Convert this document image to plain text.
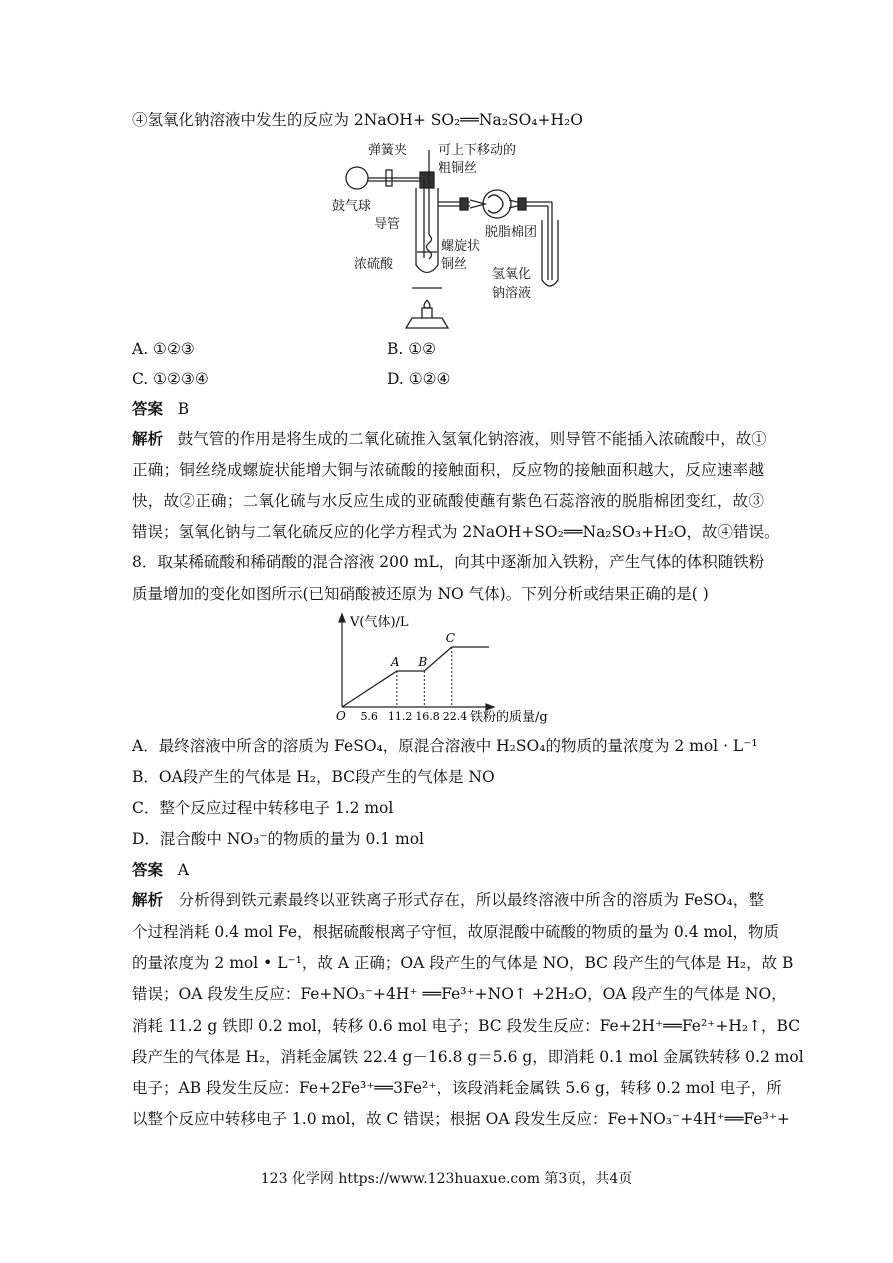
④氢氧化钠溶液中发生的反应为 2NaOH+ SO₂══Na₂SO₄+H₂O
弹簧夹 可上下移动的
粗铜丝
鼓气球
导管
脱脂棉团
螺旋状
铜丝
浓硫酸
氢氧化
钠溶液
A. ①②③	B. ①②
C. ①②③④	D. ①②④
答案 B
解析 鼓气管的作用是将生成的二氧化硫推入氢氧化钠溶液，则导管不能插入浓硫酸中，故①
正确；铜丝绕成螺旋状能增大铜与浓硫酸的接触面积，反应物的接触面积越大，反应速率越
快，故②正确；二氧化硫与水反应生成的亚硫酸使蘸有紫色石蕊溶液的脱脂棉团变红，故③
错误；氢氧化钠与二氧化硫反应的化学方程式为 2NaOH+SO₂══Na₂SO₃+H₂O，故④错误。
8．取某稀硫酸和稀硝酸的混合溶液 200 mL，向其中逐渐加入铁粉，产生气体的体积随铁粉
质量增加的变化如图所示(已知硝酸被还原为 NO 气体)。下列分析或结果正确的是( )
A B
C
5.6 11.2 16.8 22.4
V(气体)/L
铁粉的质量/g
O
A．最终溶液中所含的溶质为 FeSO₄，原混合溶液中 H₂SO₄的物质的量浓度为 2 mol · L⁻¹
B．OA段产生的气体是 H₂，BC段产生的气体是 NO
C．整个反应过程中转移电子 1.2 mol
D．混合酸中 NO₃⁻的物质的量为 0.1 mol
答案 A
解析 分析得到铁元素最终以亚铁离子形式存在，所以最终溶液中所含的溶质为 FeSO₄，整
个过程消耗 0.4 mol Fe，根据硫酸根离子守恒，故原混酸中硫酸的物质的量为 0.4 mol，物质
的量浓度为 2 mol • L⁻¹，故 A 正确；OA 段产生的气体是 NO，BC 段产生的气体是 H₂，故 B
错误；OA 段发生反应：Fe+NO₃⁻+4H⁺ ══Fe³⁺+NO↑ +2H₂O，OA 段产生的气体是 NO，
消耗 11.2 g 铁即 0.2 mol，转移 0.6 mol 电子；BC 段发生反应：Fe+2H⁺══Fe²⁺+H₂↑，BC
段产生的气体是 H₂，消耗金属铁 22.4 g－16.8 g＝5.6 g，即消耗 0.1 mol 金属铁转移 0.2 mol
电子；AB 段发生反应：Fe+2Fe³⁺══3Fe²⁺，该段消耗金属铁 5.6 g，转移 0.2 mol 电子，所
以整个反应中转移电子 1.0 mol，故 C 错误；根据 OA 段发生反应：Fe+NO₃⁻+4H⁺══Fe³⁺+
123 化学网 https://www.123huaxue.com 第3页，共4页
